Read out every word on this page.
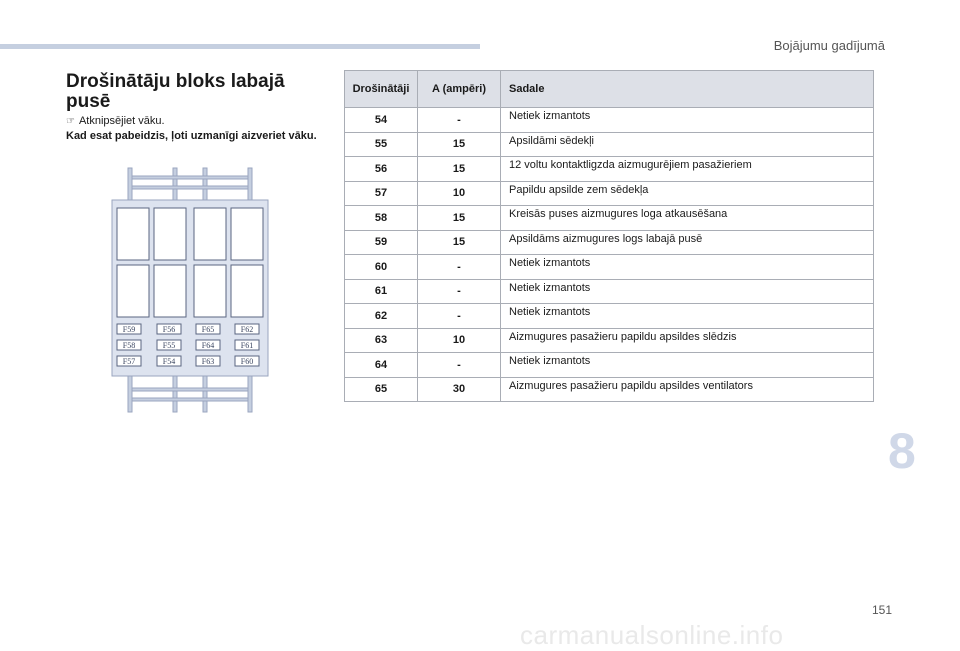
Bojājumu gadījumā
Drošinātāju bloks labajā pusē
☞ Atknipsējiet vāku.
Kad esat pabeidzis, ļoti uzmanīgi aizveriet vāku.
F59	F56	F65	F62
F58	F55	F64	F61
F57	F54	F63	F60
Drošinātāji	A (ampēri)	Sadale
54	-	Netiek izmantots
55	15	Apsildāmi sēdekļi
56	15	12 voltu kontaktligzda aizmugurējiem pasažieriem
57	10	Papildu apsilde zem sēdekļa
58	15	Kreisās puses aizmugures loga atkausēšana
59	15	Apsildāms aizmugures logs labajā pusē
60	-	Netiek izmantots
61	-	Netiek izmantots
62	-	Netiek izmantots
63	10	Aizmugures pasažieru papildu apsildes slēdzis
64	-	Netiek izmantots
65	30	Aizmugures pasažieru papildu apsildes ventilators
8
151
carmanualsonline.info
